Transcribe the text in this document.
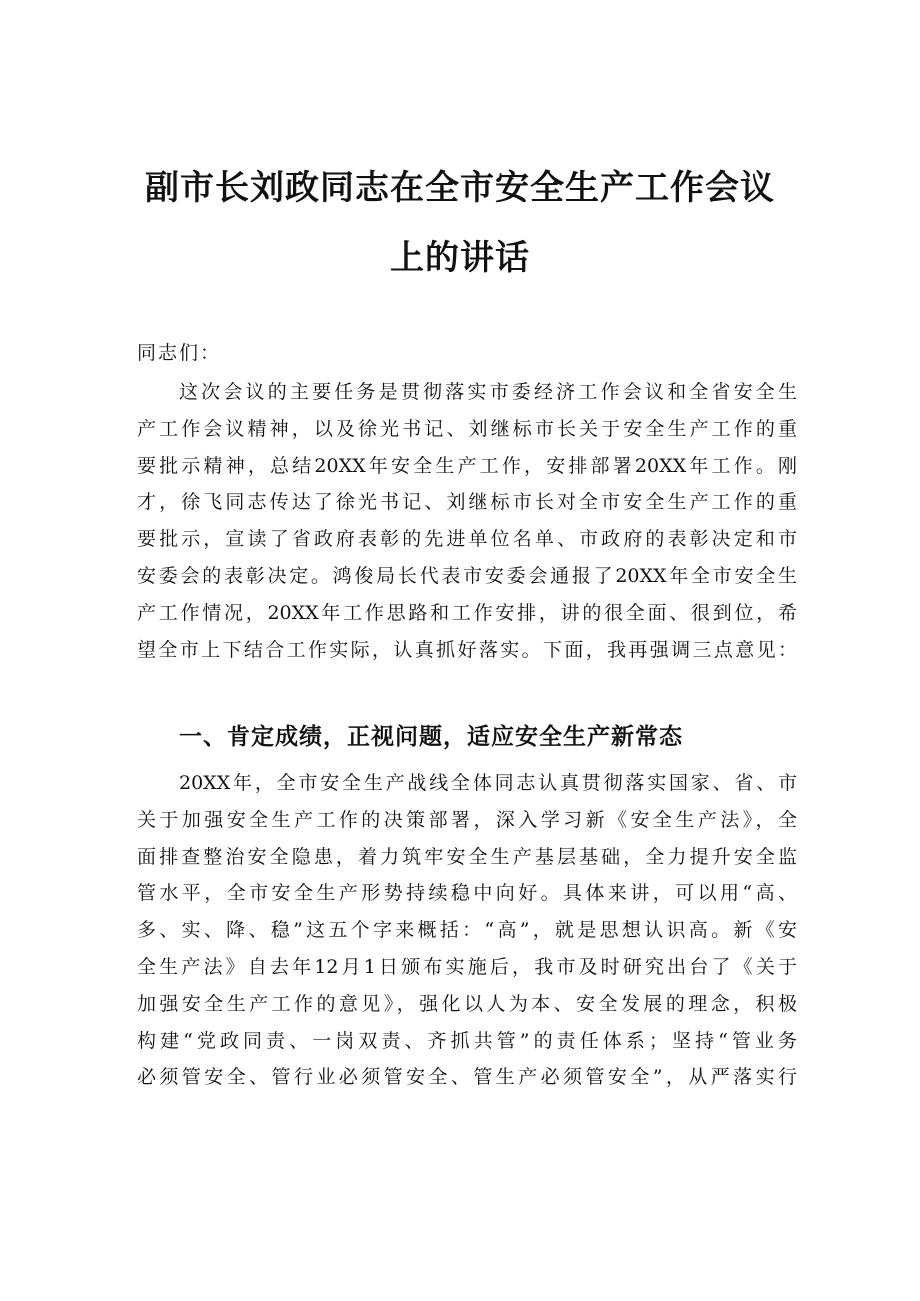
副市长刘政同志在全市安全生产工作会议
上的讲话
同志们：
这次会议的主要任务是贯彻落实市委经济工作会议和全省安全生
产工作会议精神，以及徐光书记、刘继标市长关于安全生产工作的重
要批示精神，总结20XX年安全生产工作，安排部署20XX年工作。刚
才，徐飞同志传达了徐光书记、刘继标市长对全市安全生产工作的重
要批示，宣读了省政府表彰的先进单位名单、市政府的表彰决定和市
安委会的表彰决定。鸿俊局长代表市安委会通报了20XX年全市安全生
产工作情况，20XX年工作思路和工作安排，讲的很全面、很到位，希
望全市上下结合工作实际，认真抓好落实。下面，我再强调三点意见：
一、肯定成绩，正视问题，适应安全生产新常态
20XX年，全市安全生产战线全体同志认真贯彻落实国家、省、市
关于加强安全生产工作的决策部署，深入学习新《安全生产法》，全
面排查整治安全隐患，着力筑牢安全生产基层基础，全力提升安全监
管水平，全市安全生产形势持续稳中向好。具体来讲，可以用“高、
多、实、降、稳”这五个字来概括：“高”，就是思想认识高。新《安
全生产法》自去年12月1日颁布实施后，我市及时研究出台了《关于
加强安全生产工作的意见》，强化以人为本、安全发展的理念，积极
构建“党政同责、一岗双责、齐抓共管”的责任体系；坚持“管业务
必须管安全、管行业必须管安全、管生产必须管安全”，从严落实行
